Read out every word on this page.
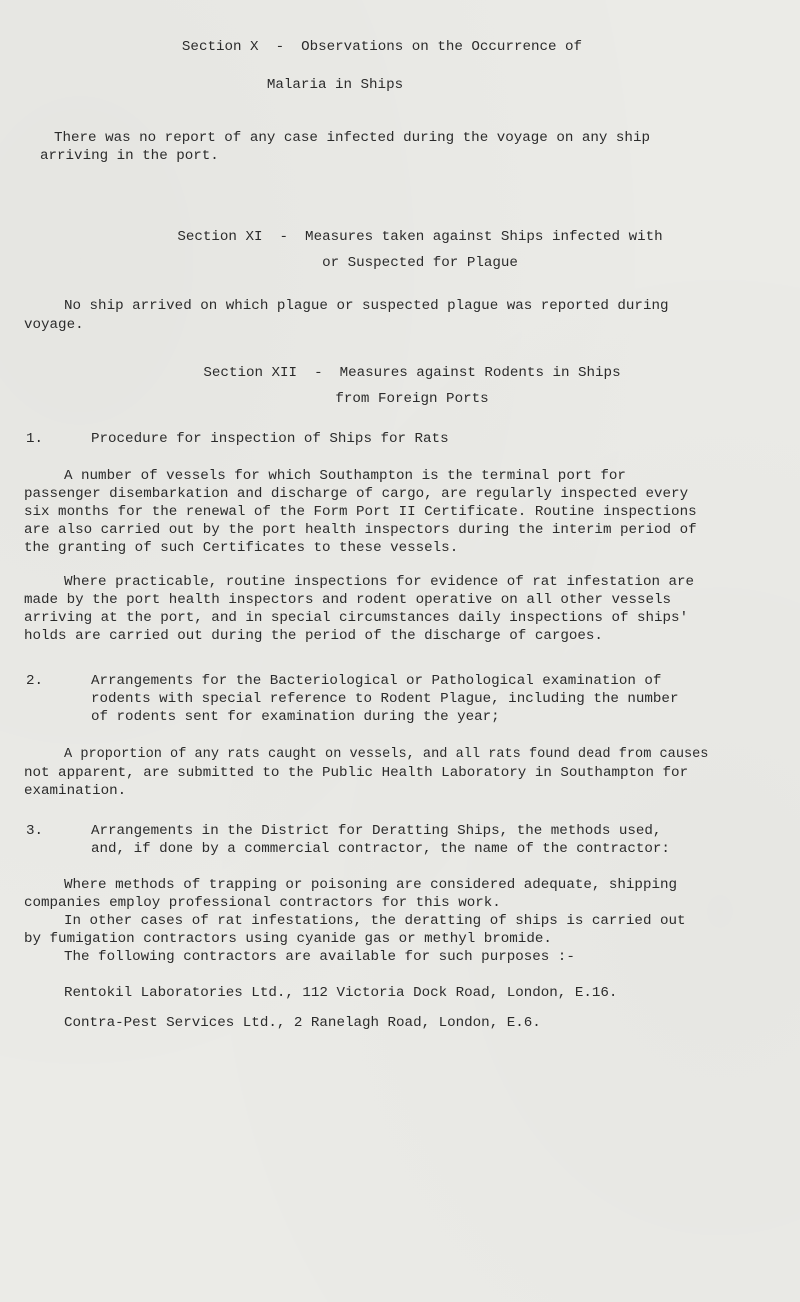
Section X  -  Observations on the Occurrence of
Malaria in Ships
There was no report of any case infected during the voyage on any ship
arriving in the port.
Section XI  -  Measures taken against Ships infected with
or Suspected for Plague
No ship arrived on which plague or suspected plague was reported during
voyage.
Section XII  -  Measures against Rodents in Ships
from Foreign Ports
1.	Procedure for inspection of Ships for Rats
A number of vessels for which Southampton is the terminal port for
passenger disembarkation and discharge of cargo, are regularly inspected every
six months for the renewal of the Form Port II Certificate. Routine inspections
are also carried out by the port health inspectors during the interim period of
the granting of such Certificates to these vessels.
Where practicable, routine inspections for evidence of rat infestation are
made by the port health inspectors and rodent operative on all other vessels
arriving at the port, and in special circumstances daily inspections of ships'
holds are carried out during the period of the discharge of cargoes.
2.	Arrangements for the Bacteriological or Pathological examination of
rodents with special reference to Rodent Plague, including the number
of rodents sent for examination during the year;
A proportion of any rats caught on vessels, and all rats found dead from causes
not apparent, are submitted to the Public Health Laboratory in Southampton for
examination.
3.	Arrangements in the District for Deratting Ships, the methods used,
and, if done by a commercial contractor, the name of the contractor:
Where methods of trapping or poisoning are considered adequate, shipping
companies employ professional contractors for this work.
In other cases of rat infestations, the deratting of ships is carried out
by fumigation contractors using cyanide gas or methyl bromide.
The following contractors are available for such purposes :-
Rentokil Laboratories Ltd., 112 Victoria Dock Road, London, E.16.
Contra-Pest Services Ltd., 2 Ranelagh Road, London, E.6.
